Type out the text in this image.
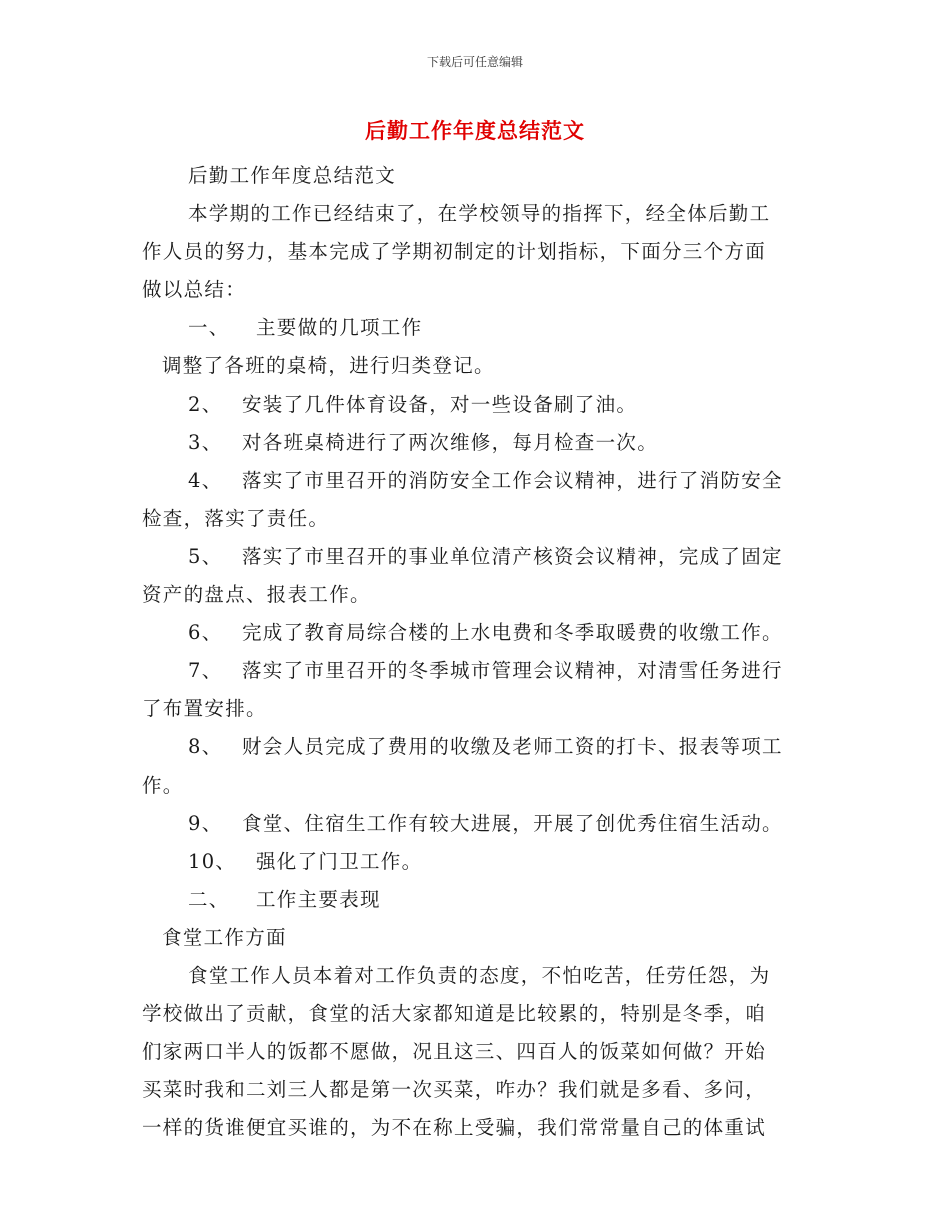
下载后可任意编辑
后勤工作年度总结范文
后勤工作年度总结范文
本学期的工作已经结束了，在学校领导的指挥下，经全体后勤工
作人员的努力，基本完成了学期初制定的计划指标，下面分三个方面
做以总结：
一、 主要做的几项工作
调整了各班的桌椅，进行归类登记。
2、 安装了几件体育设备，对一些设备刷了油。
3、 对各班桌椅进行了两次维修，每月检查一次。
4、 落实了市里召开的消防安全工作会议精神，进行了消防安全
检查，落实了责任。
5、 落实了市里召开的事业单位清产核资会议精神，完成了固定
资产的盘点、报表工作。
6、 完成了教育局综合楼的上水电费和冬季取暖费的收缴工作。
7、 落实了市里召开的冬季城市管理会议精神，对清雪任务进行
了布置安排。
8、 财会人员完成了费用的收缴及老师工资的打卡、报表等项工
作。
9、 食堂、住宿生工作有较大进展，开展了创优秀住宿生活动。
10、 强化了门卫工作。
二、 工作主要表现
食堂工作方面
食堂工作人员本着对工作负责的态度，不怕吃苦，任劳任怨，为
学校做出了贡献，食堂的活大家都知道是比较累的，特别是冬季，咱
们家两口半人的饭都不愿做，况且这三、四百人的饭菜如何做？开始
买菜时我和二刘三人都是第一次买菜，咋办？我们就是多看、多问，
一样的货谁便宜买谁的，为不在称上受骗，我们常常量自己的体重试
